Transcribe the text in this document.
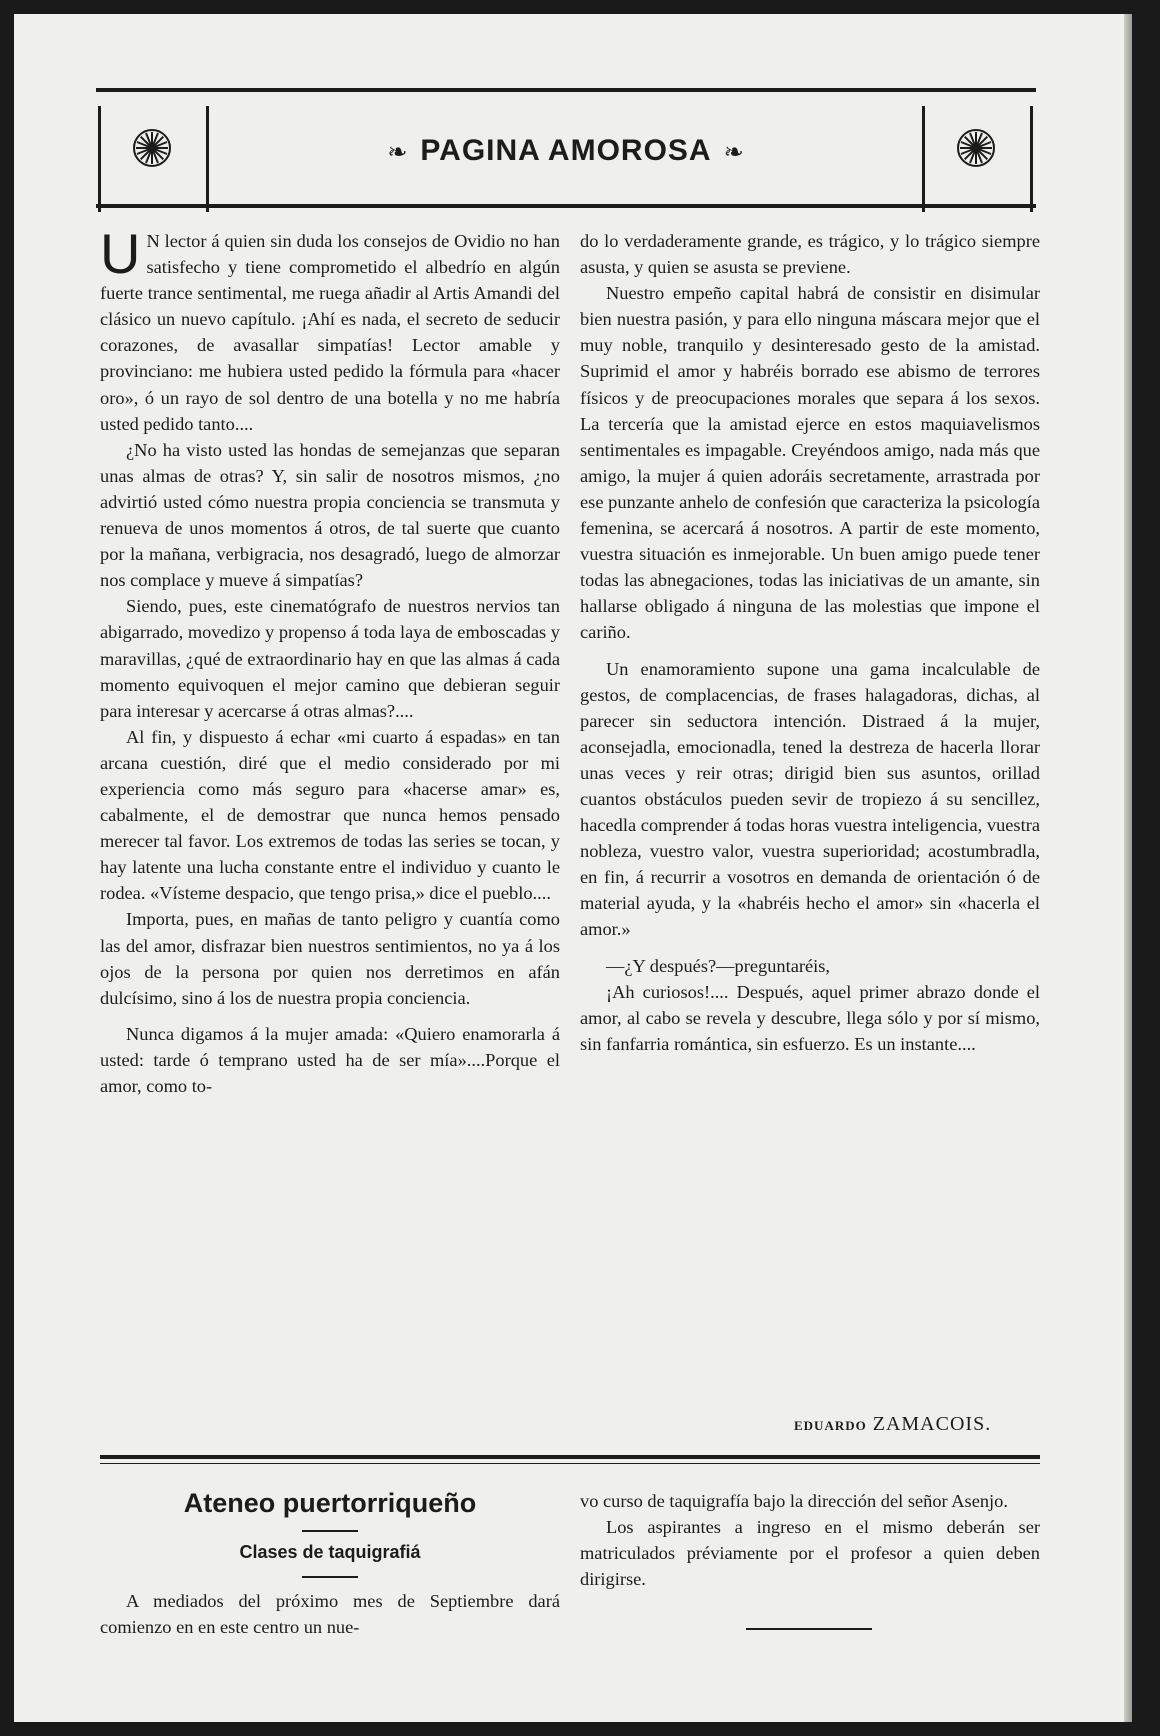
❧ PAGINA AMOROSA ❧

U N lector á quien sin duda los consejos de Ovidio no han satisfecho y tiene comprometido el albedrío en algún fuerte trance sentimental, me ruega añadir al Artis Amandi del clásico un nuevo capítulo. ¡Ahí es nada, el secreto de seducir corazones, de avasallar simpatías! Lector amable y provinciano: me hubiera usted pedido la fórmula para «hacer oro», ó un rayo de sol dentro de una botella y no me habría usted pedido tanto....

¿No ha visto usted las hondas de semejanzas que separan unas almas de otras? Y, sin salir de nosotros mismos, ¿no advirtió usted cómo nuestra propia conciencia se transmuta y renueva de unos momentos á otros, de tal suerte que cuanto por la mañana, verbigracia, nos desagradó, luego de almorzar nos complace y mueve á simpatías?

Siendo, pues, este cinematógrafo de nuestros nervios tan abigarrado, movedizo y propenso á toda laya de emboscadas y maravillas, ¿qué de extraordinario hay en que las almas á cada momento equivoquen el mejor camino que debieran seguir para interesar y acercarse á otras almas?....

Al fin, y dispuesto á echar «mi cuarto á espadas» en tan arcana cuestión, diré que el medio considerado por mi experiencia como más seguro para «hacerse amar» es, cabalmente, el de demostrar que nunca hemos pensado merecer tal favor. Los extremos de todas las series se tocan, y hay latente una lucha constante entre el individuo y cuanto le rodea. «Vísteme despacio, que tengo prisa,» dice el pueblo....

Importa, pues, en mañas de tanto peligro y cuantía como las del amor, disfrazar bien nuestros sentimientos, no ya á los ojos de la persona por quien nos derretimos en afán dulcísimo, sino á los de nuestra propia conciencia.

Nunca digamos á la mujer amada: «Quiero enamorarla á usted: tarde ó temprano usted ha de ser mía»....Porque el amor, como to-

do lo verdaderamente grande, es trágico, y lo trágico siempre asusta, y quien se asusta se previene.

Nuestro empeño capital habrá de consistir en disimular bien nuestra pasión, y para ello ninguna máscara mejor que el muy noble, tranquilo y desinteresado gesto de la amistad. Suprimid el amor y habréis borrado ese abismo de terrores físicos y de preocupaciones morales que separa á los sexos. La tercería que la amistad ejerce en estos maquiavelismos sentimentales es impagable. Creyéndoos amigo, nada más que amigo, la mujer á quien adoráis secretamente, arrastrada por ese punzante anhelo de confesión que caracteriza la psicología femenina, se acercará á nosotros. A partir de este momento, vuestra situación es inmejorable. Un buen amigo puede tener todas las abnegaciones, todas las iniciativas de un amante, sin hallarse obligado á ninguna de las molestias que impone el cariño.

Un enamoramiento supone una gama incalculable de gestos, de complacencias, de frases halagadoras, dichas, al parecer sin seductora intención. Distraed á la mujer, aconsejadla, emocionadla, tened la destreza de hacerla llorar unas veces y reir otras; dirigid bien sus asuntos, orillad cuantos obstáculos pueden sevir de tropiezo á su sencillez, hacedla comprender á todas horas vuestra inteligencia, vuestra nobleza, vuestro valor, vuestra superioridad; acostumbradla, en fin, á recurrir a vosotros en demanda de orientación ó de material ayuda, y la «habréis hecho el amor» sin «hacerla el amor.»

—¿Y después?—preguntaréis,

¡Ah curiosos!.... Después, aquel primer abrazo donde el amor, al cabo se revela y descubre, llega sólo y por sí mismo, sin fanfarria romántica, sin esfuerzo. Es un instante....

EDUARDO ZAMACOIS.
Ateneo puertorriqueño
Clases de taquigrafiá

A mediados del próximo mes de Septiembre dará comienzo en en este centro un nue-

vo curso de taquigrafía bajo la dirección del señor Asenjo.

Los aspirantes a ingreso en el mismo deberán ser matriculados préviamente por el profesor a quien deben dirigirse.
